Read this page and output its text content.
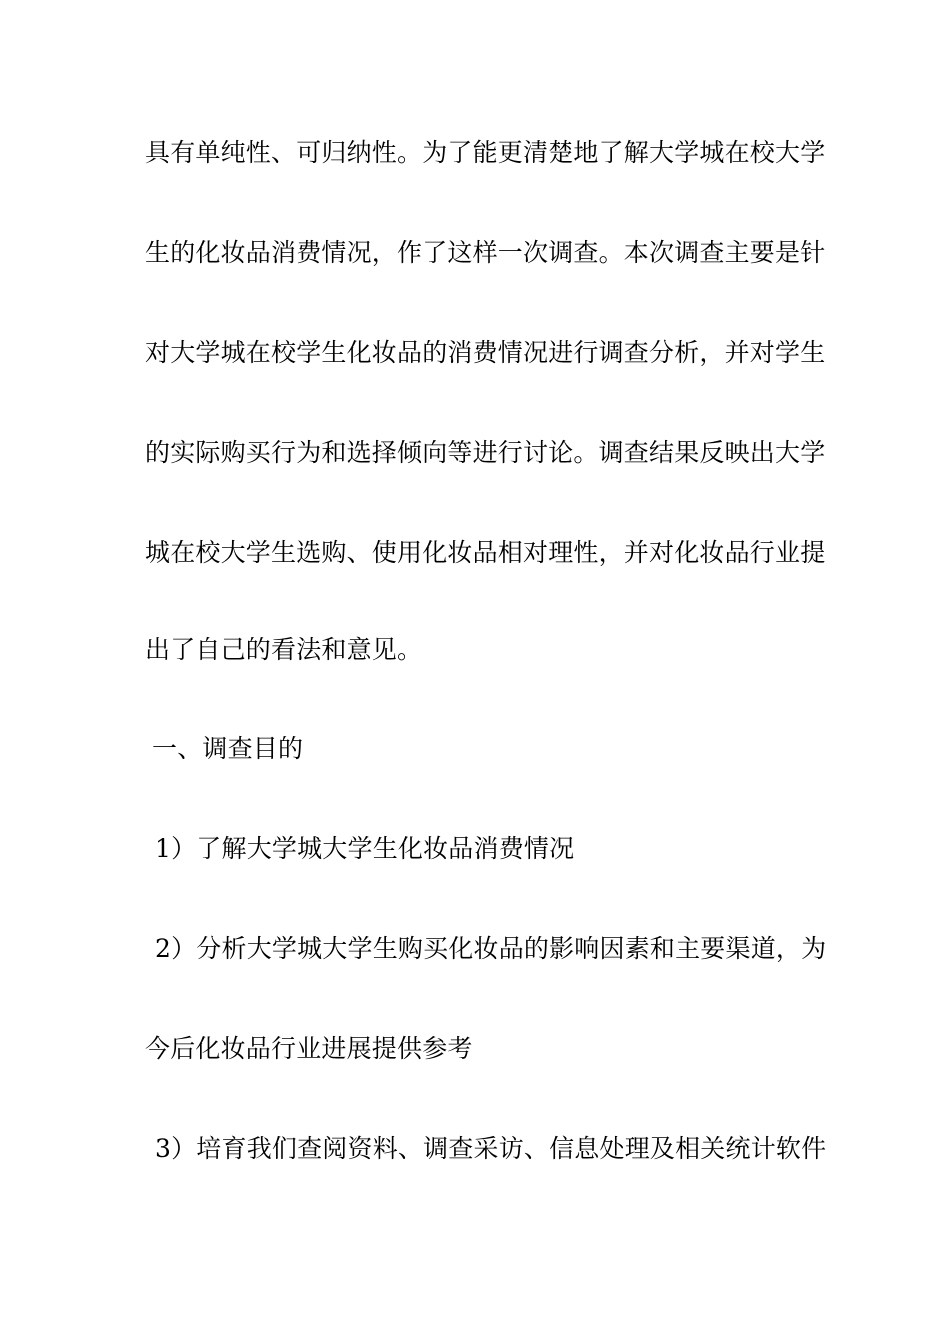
具有单纯性、可归纳性。为了能更清楚地了解大学城在校大学
生的化妆品消费情况，作了这样一次调查。本次调查主要是针
对大学城在校学生化妆品的消费情况进行调查分析，并对学生
的实际购买行为和选择倾向等进行讨论。调查结果反映出大学
城在校大学生选购、使用化妆品相对理性，并对化妆品行业提
出了自己的看法和意见。
一、调查目的
1）了解大学城大学生化妆品消费情况
2）分析大学城大学生购买化妆品的影响因素和主要渠道，为
今后化妆品行业进展提供参考
3）培育我们查阅资料、调查采访、信息处理及相关统计软件
